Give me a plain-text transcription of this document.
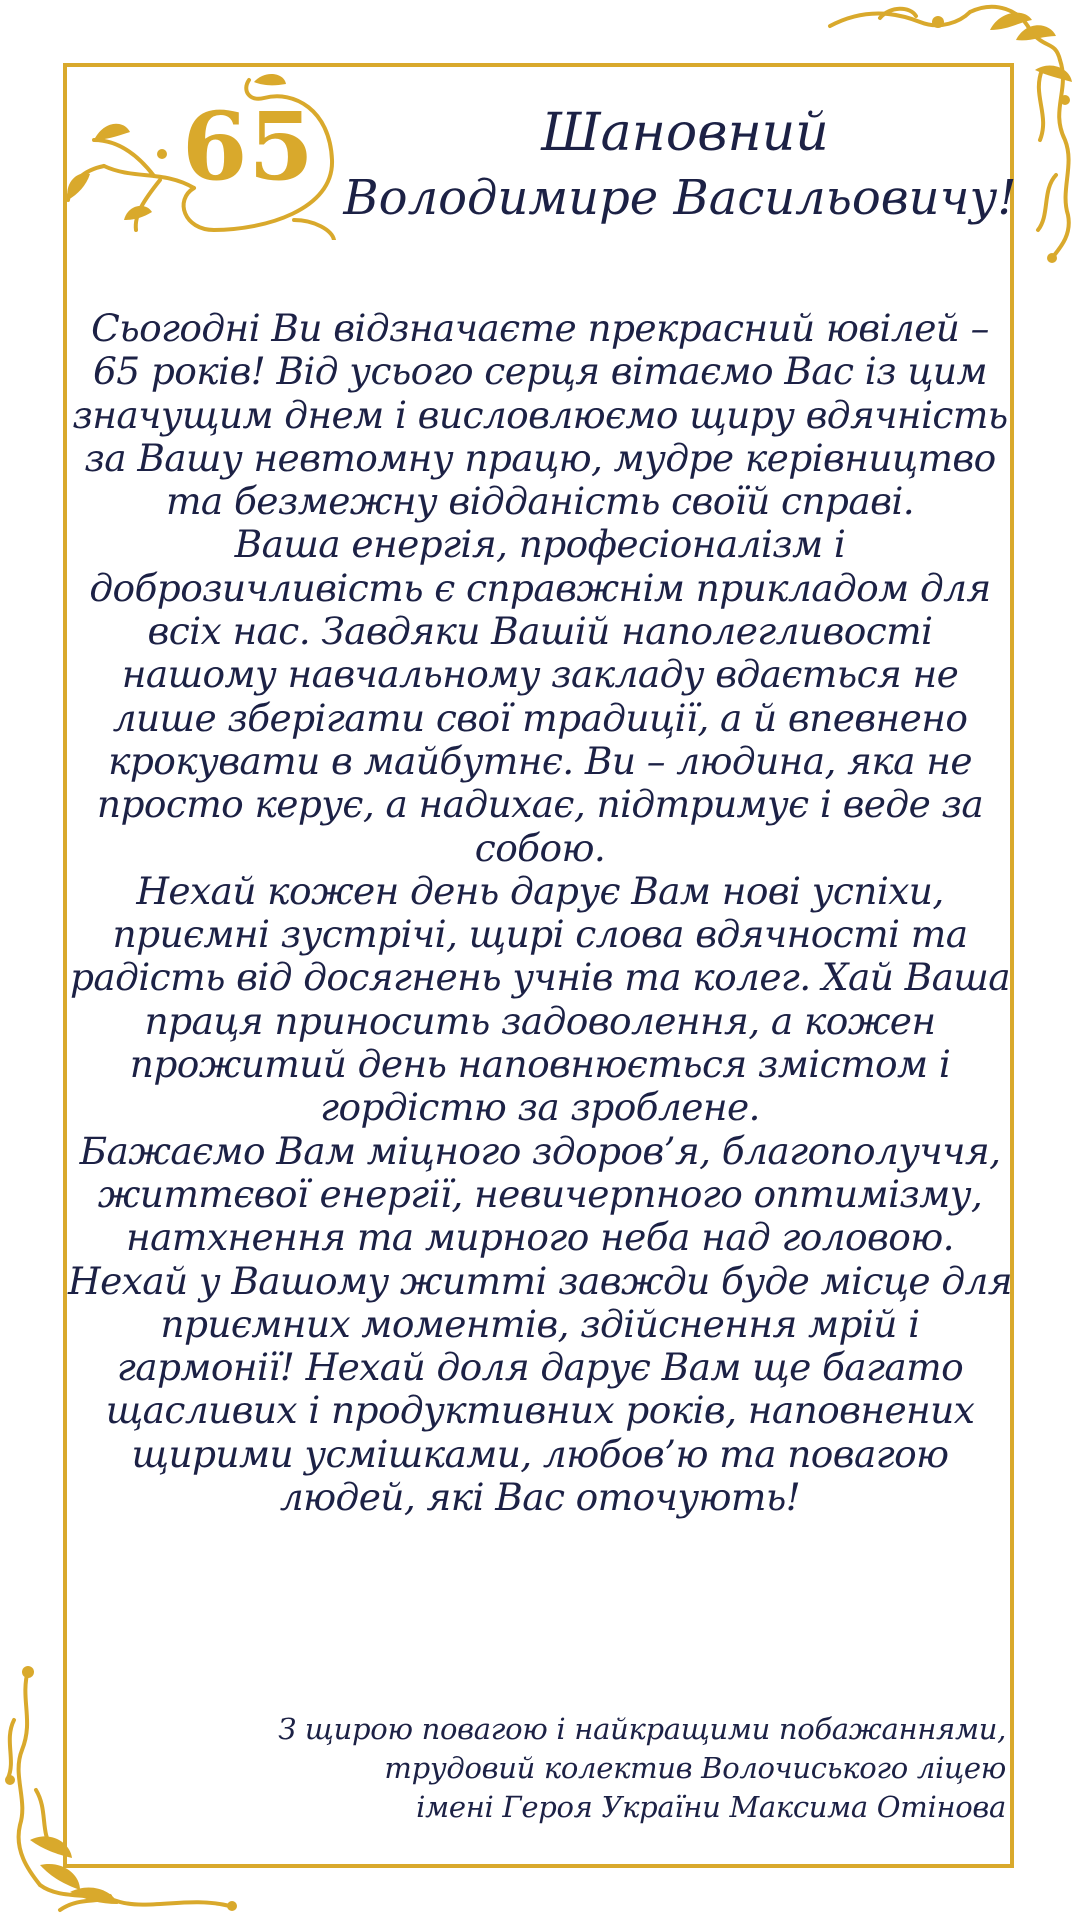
65	Шановний
Володимире Васильовичу!

Сьогодні Ви відзначаєте прекрасний ювілей – 65 років! Від усього серця вітаємо Вас із цим значущим днем і висловлюємо щиру вдячність за Вашу невтомну працю, мудре керівництво та безмежну відданість своїй справі.

Ваша енергія, професіоналізм і доброзичливість є справжнім прикладом для всіх нас. Завдяки Вашій наполегливості нашому навчальному закладу вдається не лише зберігати свої традиції, а й впевнено крокувати в майбутнє. Ви – людина, яка не просто керує, а надихає, підтримує і веде за собою.

Нехай кожен день дарує Вам нові успіхи, приємні зустрічі, щирі слова вдячності та радість від досягнень учнів та колег. Хай Ваша праця приносить задоволення, а кожен прожитий день наповнюється змістом і гордістю за зроблене.

Бажаємо Вам міцного здоров’я, благополуччя, життєвої енергії, невичерпного оптимізму, натхнення та мирного неба над головою.

Нехай у Вашому житті завжди буде місце для приємних моментів, здійснення мрій і гармонії! Нехай доля дарує Вам ще багато щасливих і продуктивних років, наповнених щирими усмішками, любов’ю та повагою людей, які Вас оточують!

З щирою повагою і найкращими побажаннями,
трудовий колектив Волочиського ліцею
імені Героя України Максима Отінова
